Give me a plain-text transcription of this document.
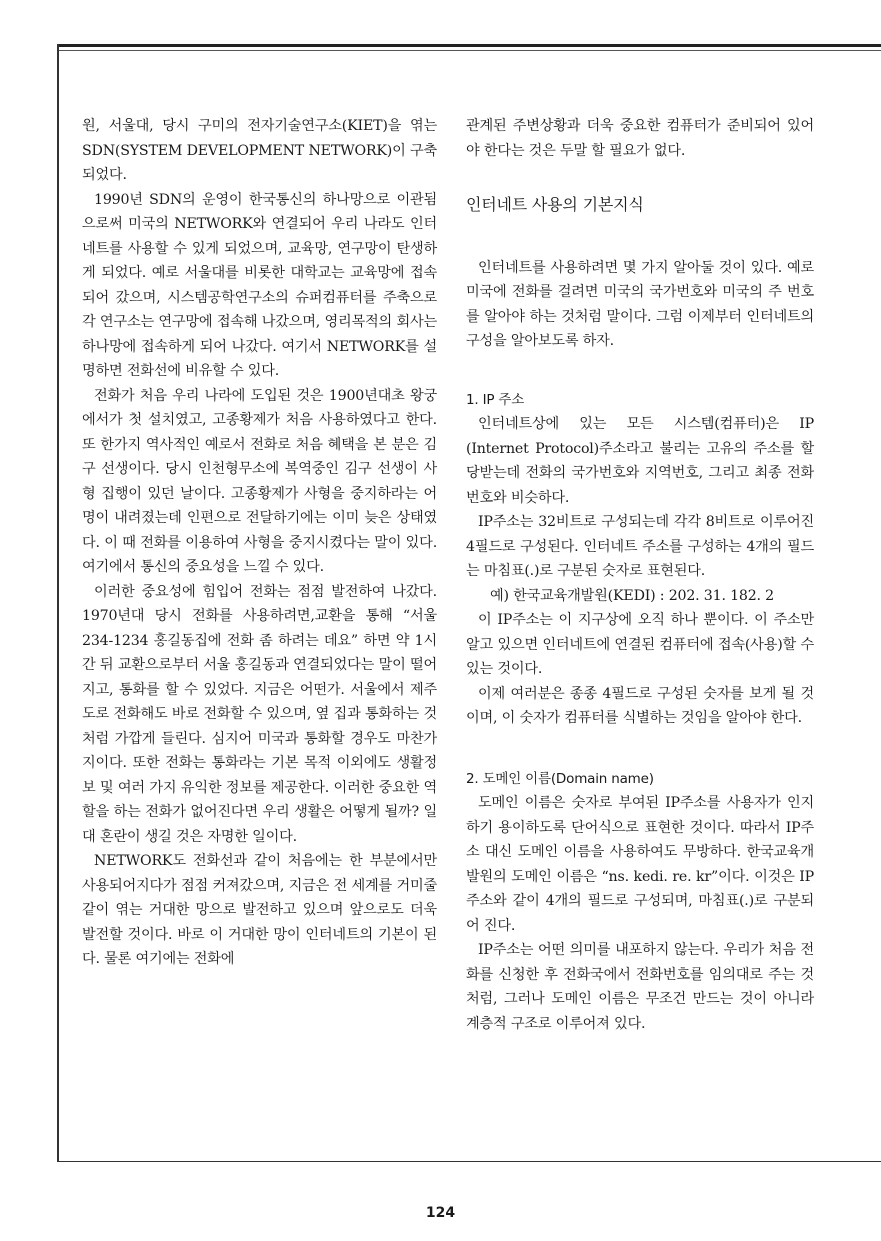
원, 서울대, 당시 구미의 전자기술연구소(KIET)을 엮는 SDN(SYSTEM DEVELOPMENT NETWORK)이 구축되었다.

1990년 SDN의 운영이 한국통신의 하나망으로 이관됨으로써 미국의 NETWORK와 연결되어 우리 나라도 인터네트를 사용할 수 있게 되었으며, 교육망, 연구망이 탄생하게 되었다. 예로 서울대를 비롯한 대학교는 교육망에 접속되어 갔으며, 시스템공학연구소의 슈퍼컴퓨터를 주축으로 각 연구소는 연구망에 접속해 나갔으며, 영리목적의 회사는 하나망에 접속하게 되어 나갔다. 여기서 NETWORK를 설명하면 전화선에 비유할 수 있다.

전화가 처음 우리 나라에 도입된 것은 1900년대초 왕궁에서가 첫 설치였고, 고종황제가 처음 사용하였다고 한다. 또 한가지 역사적인 예로서 전화로 처음 혜택을 본 분은 김구 선생이다. 당시 인천형무소에 복역중인 김구 선생이 사형 집행이 있던 날이다. 고종황제가 사형을 중지하라는 어명이 내려졌는데 인편으로 전달하기에는 이미 늦은 상태였다. 이 때 전화를 이용하여 사형을 중지시켰다는 말이 있다. 여기에서 통신의 중요성을 느낄 수 있다.

이러한 중요성에 힘입어 전화는 점점 발전하여 나갔다. 1970년대 당시 전화를 사용하려면,교환을 통해 “서울 234-1234 홍길동집에 전화 좀 하려는 데요” 하면 약 1시간 뒤 교환으로부터 서울 홍길동과 연결되었다는 말이 떨어지고, 통화를 할 수 있었다. 지금은 어떤가. 서울에서 제주도로 전화해도 바로 전화할 수 있으며, 옆 집과 통화하는 것처럼 가깝게 들린다. 심지어 미국과 통화할 경우도 마찬가지이다. 또한 전화는 통화라는 기본 목적 이외에도 생활정보 및 여러 가지 유익한 정보를 제공한다. 이러한 중요한 역할을 하는 전화가 없어진다면 우리 생활은 어떻게 될까? 일대 혼란이 생길 것은 자명한 일이다.

NETWORK도 전화선과 같이 처음에는 한 부분에서만 사용되어지다가 점점 커져갔으며, 지금은 전 세계를 거미줄같이 엮는 거대한 망으로 발전하고 있으며 앞으로도 더욱 발전할 것이다. 바로 이 거대한 망이 인터네트의 기본이 된다. 물론 여기에는 전화에

관계된 주변상황과 더욱 중요한 컴퓨터가 준비되어 있어야 한다는 것은 두말 할 필요가 없다.

인터네트 사용의 기본지식

인터네트를 사용하려면 몇 가지 알아둘 것이 있다. 예로 미국에 전화를 걸려면 미국의 국가번호와 미국의 주 번호를 알아야 하는 것처럼 말이다. 그럼 이제부터 인터네트의 구성을 알아보도록 하자.

1. IP 주소

인터네트상에 있는 모든 시스템(컴퓨터)은 IP (Internet Protocol)주소라고 불리는 고유의 주소를 할당받는데 전화의 국가번호와 지역번호, 그리고 최종 전화번호와 비슷하다.

IP주소는 32비트로 구성되는데 각각 8비트로 이루어진 4필드로 구성된다. 인터네트 주소를 구성하는 4개의 필드는 마침표(.)로 구분된 숫자로 표현된다.

예) 한국교육개발원(KEDI) : 202. 31. 182. 2

이 IP주소는 이 지구상에 오직 하나 뿐이다. 이 주소만 알고 있으면 인터네트에 연결된 컴퓨터에 접속(사용)할 수 있는 것이다.

이제 여러분은 종종 4필드로 구성된 숫자를 보게 될 것이며, 이 숫자가 컴퓨터를 식별하는 것임을 알아야 한다.

2. 도메인 이름(Domain name)

도메인 이름은 숫자로 부여된 IP주소를 사용자가 인지하기 용이하도록 단어식으로 표현한 것이다. 따라서 IP주소 대신 도메인 이름을 사용하여도 무방하다. 한국교육개발원의 도메인 이름은 “ns. kedi. re. kr”이다. 이것은 IP주소와 같이 4개의 필드로 구성되며, 마침표(.)로 구분되어 진다.

IP주소는 어떤 의미를 내포하지 않는다. 우리가 처음 전화를 신청한 후 전화국에서 전화번호를 임의대로 주는 것처럼, 그러나 도메인 이름은 무조건 만드는 것이 아니라 계층적 구조로 이루어져 있다.

124
